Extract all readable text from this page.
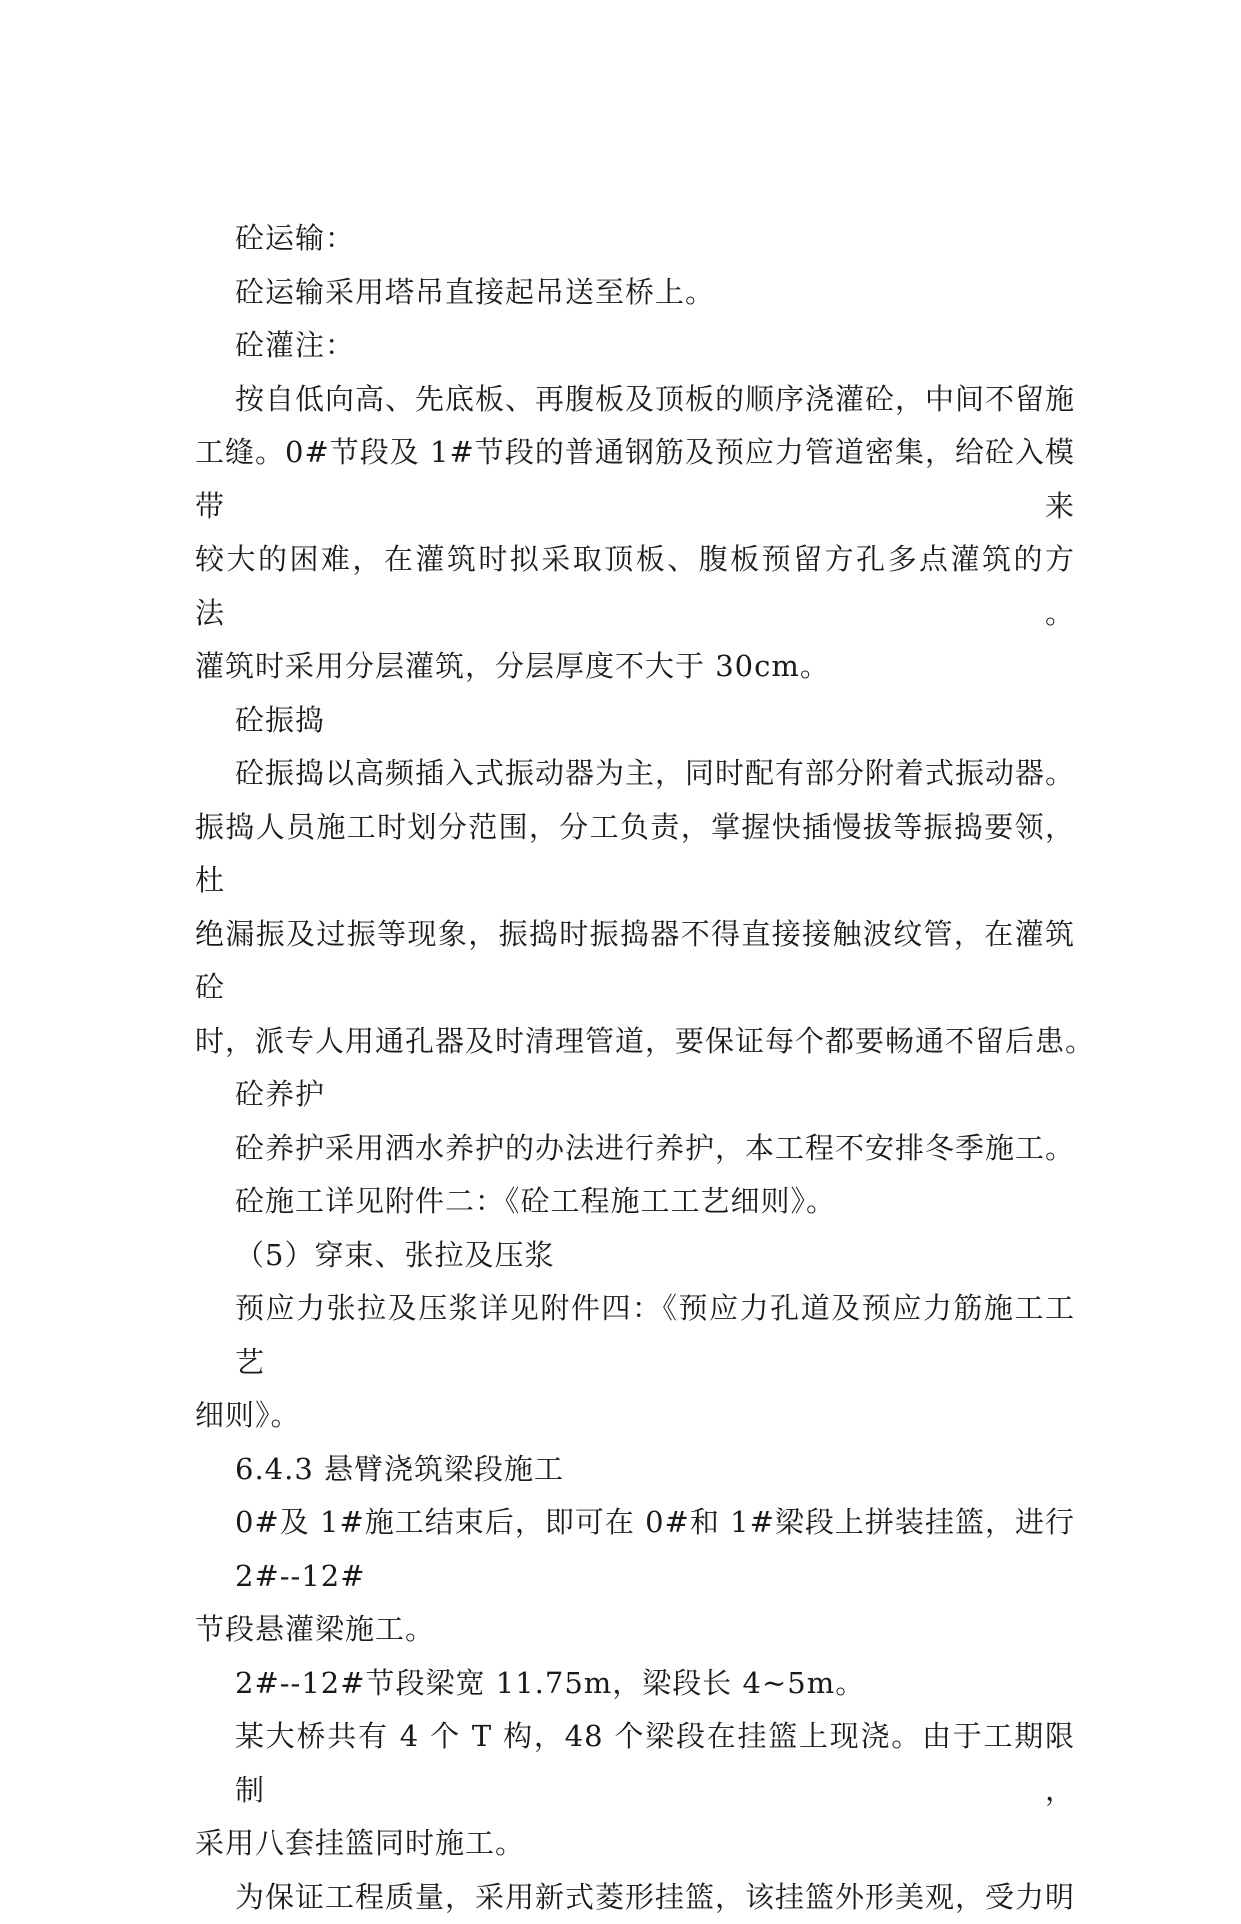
砼运输：

砼运输采用塔吊直接起吊送至桥上。

砼灌注：

按自低向高、先底板、再腹板及顶板的顺序浇灌砼，中间不留施

工缝。0#节段及 1#节段的普通钢筋及预应力管道密集，给砼入模带来

较大的困难，在灌筑时拟采取顶板、腹板预留方孔多点灌筑的方法。

灌筑时采用分层灌筑，分层厚度不大于 30cm。

砼振捣

砼振捣以高频插入式振动器为主，同时配有部分附着式振动器。

振捣人员施工时划分范围，分工负责，掌握快插慢拔等振捣要领，杜

绝漏振及过振等现象，振捣时振捣器不得直接接触波纹管，在灌筑砼

时，派专人用通孔器及时清理管道，要保证每个都要畅通不留后患。

砼养护

砼养护采用洒水养护的办法进行养护，本工程不安排冬季施工。

砼施工详见附件二：《砼工程施工工艺细则》。

（5）穿束、张拉及压浆

预应力张拉及压浆详见附件四：《预应力孔道及预应力筋施工工艺

细则》。

6.4.3 悬臂浇筑梁段施工

0#及 1#施工结束后，即可在 0#和 1#梁段上拼装挂篮，进行 2#--12#

节段悬灌梁施工。

2#--12#节段梁宽 11.75m，梁段长 4~5m。

某大桥共有 4 个 T 构，48 个梁段在挂篮上现浇。由于工期限制，

采用八套挂篮同时施工。

为保证工程质量，采用新式菱形挂篮，该挂篮外形美观，受力明
